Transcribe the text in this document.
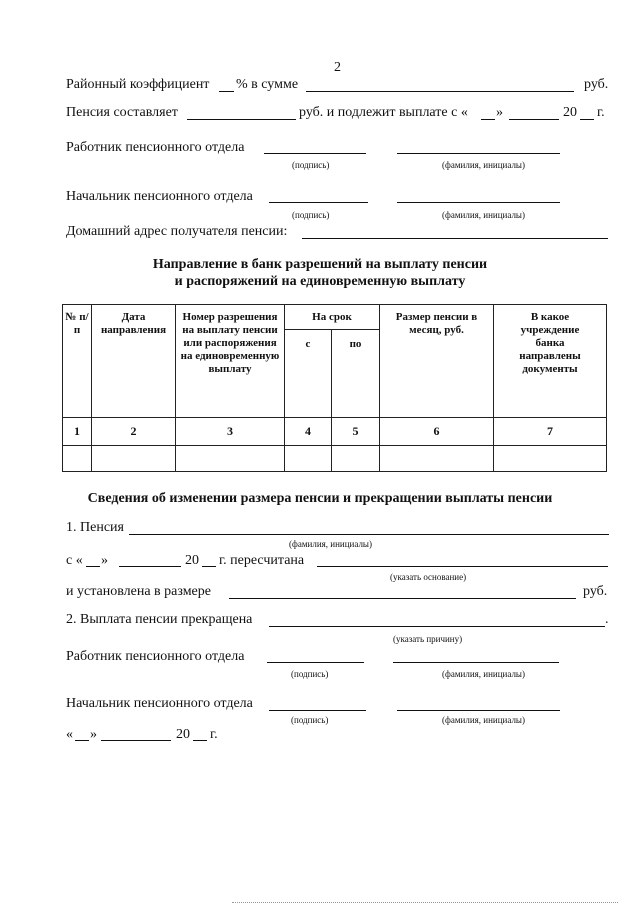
2
Районный коэффициент % в сумме	руб.
Пенсия составляет	руб. и подлежит выплате с « »	20 г.
Работник пенсионного отдела
(подпись)	(фамилия, инициалы)
Начальник пенсионного отдела
(подпись)	(фамилия, инициалы)
Домашний адрес получателя пенсии:
Направление в банк разрешений на выплату пенсии
и распоряжений на единовременную выплату
№ п/п	Дата направления	Номер разрешения на выплату пенсии или распоряжения на единовременную выплату	На срок		Размер пенсии в месяц, руб.	В какое учреждение банка направлены документы
			с	по		
1	2	3	4	5	6	7

Сведения об изменении размера пенсии и прекращении выплаты пенсии
1. Пенсия
(фамилия, инициалы)
с « »	20 г. пересчитана
(указать основание)
и установлена в размере	руб.
2. Выплата пенсии прекращена	.
(указать причину)
Работник пенсионного отдела
(подпись)	(фамилия, инициалы)
Начальник пенсионного отдела
(подпись)	(фамилия, инициалы)
« »	20 г.
